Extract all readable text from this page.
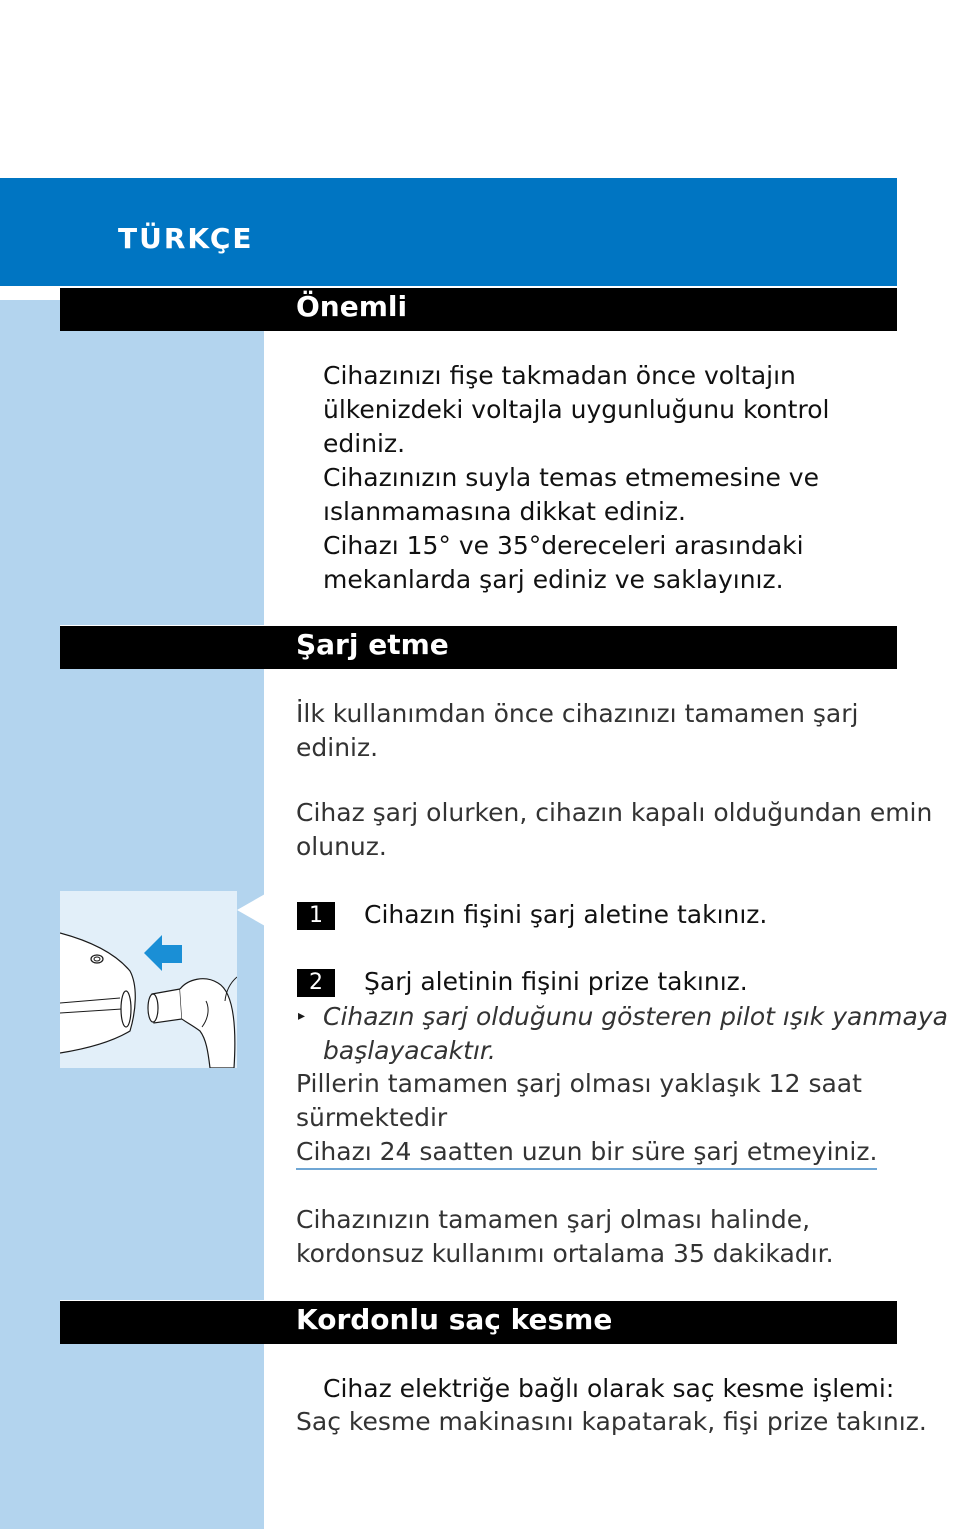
TÜRKÇE
Önemli
Cihazınızı fişe takmadan önce voltajın
ülkenizdeki voltajla uygunluğunu kontrol
ediniz.
Cihazınızın suyla temas etmemesine ve
ıslanmamasına dikkat ediniz.
Cihazı 15° ve 35°dereceleri arasındaki
mekanlarda şarj ediniz ve saklayınız.
Şarj etme
İlk kullanımdan önce cihazınızı tamamen şarj
ediniz.
Cihaz şarj olurken, cihazın kapalı olduğundan emin
olunuz.
1	Cihazın fişini şarj aletine takınız.
2	Şarj aletinin fişini prize takınız.
▸ Cihazın şarj olduğunu gösteren pilot ışık yanmaya
başlayacaktır.
Pillerin tamamen şarj olması yaklaşık 12 saat
sürmektedir
Cihazı 24 saatten uzun bir süre şarj etmeyiniz.
Cihazınızın tamamen şarj olması halinde,
kordonsuz kullanımı ortalama 35 dakikadır.
Kordonlu saç kesme
Cihaz elektriğe bağlı olarak saç kesme işlemi:
Saç kesme makinasını kapatarak, fişi prize takınız.
